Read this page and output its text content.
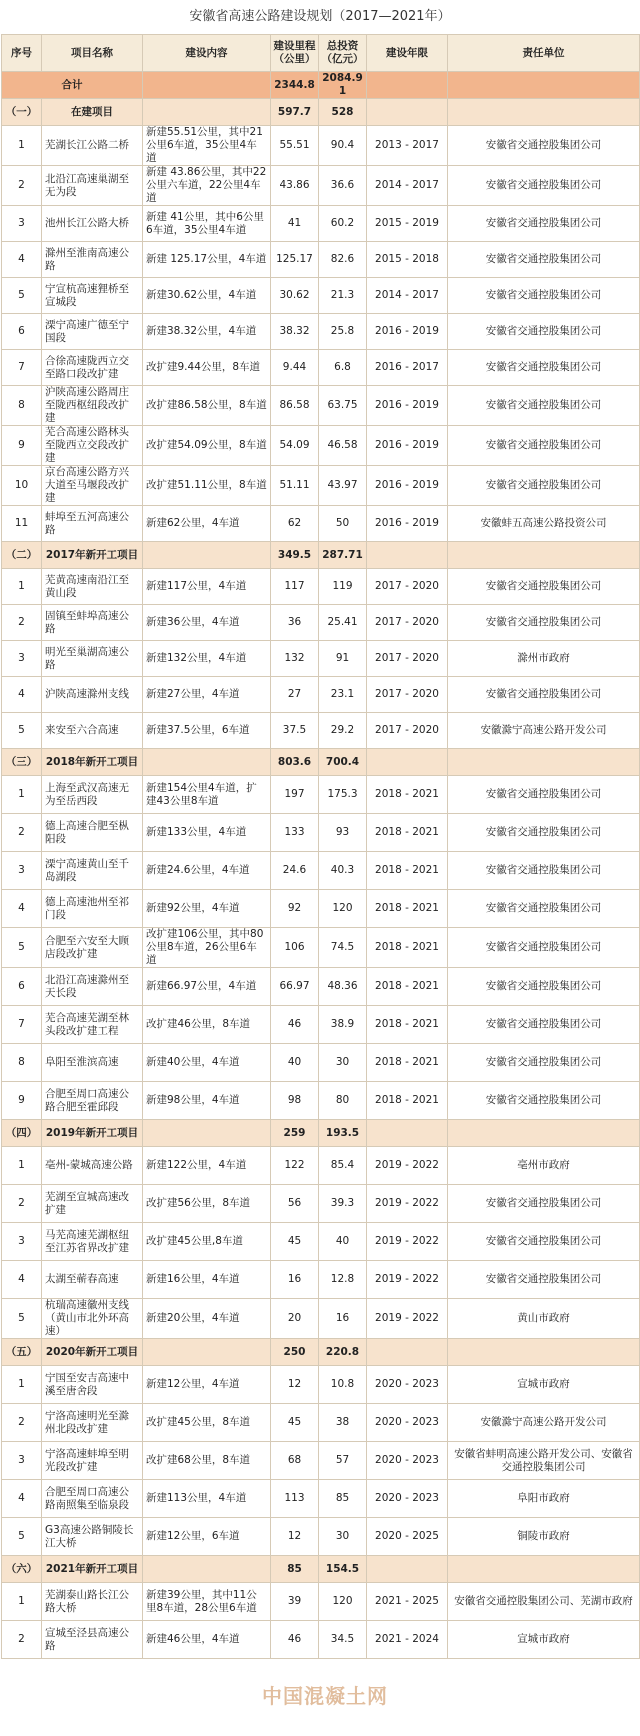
安徽省高速公路建设规划（2017—2021年）
序号	项目名称	建设内容	建设里程（公里）	总投资（亿元）	建设年限	责任单位
合计			2344.8	2084.91		
（一）	在建项目		597.7	528		
1	芜湖长江公路二桥	新建55.51公里，其中21公里6车道，35公里4车道	55.51	90.4	2013 - 2017	安徽省交通控股集团公司
2	北沿江高速巢湖至无为段	新建 43.86公里，其中22公里六车道，22公里4车道	43.86	36.6	2014 - 2017	安徽省交通控股集团公司
3	池州长江公路大桥	新建 41公里，其中6公里6车道，35公里4车道	41	60.2	2015 - 2019	安徽省交通控股集团公司
4	滁州至淮南高速公路	新建 125.17公里，4车道	125.17	82.6	2015 - 2018	安徽省交通控股集团公司
5	宁宣杭高速狸桥至宣城段	新建30.62公里，4车道	30.62	21.3	2014 - 2017	安徽省交通控股集团公司
6	溧宁高速广德至宁国段	新建38.32公里，4车道	38.32	25.8	2016 - 2019	安徽省交通控股集团公司
7	合徐高速陇西立交至路口段改扩建	改扩建9.44公里，8车道	9.44	6.8	2016 - 2017	安徽省交通控股集团公司
8	沪陕高速公路周庄至陇西枢纽段改扩建	改扩建86.58公里，8车道	86.58	63.75	2016 - 2019	安徽省交通控股集团公司
9	芜合高速公路林头至陇西立交段改扩建	改扩建54.09公里，8车道	54.09	46.58	2016 - 2019	安徽省交通控股集团公司
10	京台高速公路方兴大道至马堰段改扩建	改扩建51.11公里，8车道	51.11	43.97	2016 - 2019	安徽省交通控股集团公司
11	蚌埠至五河高速公路	新建62公里，4车道	62	50	2016 - 2019	安徽蚌五高速公路投资公司
（二）	2017年新开工项目		349.5	287.71		
1	芜黄高速南沿江至黄山段	新建117公里，4车道	117	119	2017 - 2020	安徽省交通控股集团公司
2	固镇至蚌埠高速公路	新建36公里，4车道	36	25.41	2017 - 2020	安徽省交通控股集团公司
3	明光至巢湖高速公路	新建132公里，4车道	132	91	2017 - 2020	滁州市政府
4	沪陕高速滁州支线	新建27公里，4车道	27	23.1	2017 - 2020	安徽省交通控股集团公司
5	来安至六合高速	新建37.5公里，6车道	37.5	29.2	2017 - 2020	安徽滁宁高速公路开发公司
（三）	2018年新开工项目		803.6	700.4		
1	上海至武汉高速无为至岳西段	新建154公里4车道，扩建43公里8车道	197	175.3	2018 - 2021	安徽省交通控股集团公司
2	德上高速合肥至枞阳段	新建133公里，4车道	133	93	2018 - 2021	安徽省交通控股集团公司
3	溧宁高速黄山至千岛湖段	新建24.6公里，4车道	24.6	40.3	2018 - 2021	安徽省交通控股集团公司
4	德上高速池州至祁门段	新建92公里，4车道	92	120	2018 - 2021	安徽省交通控股集团公司
5	合肥至六安至大顾店段改扩建	改扩建106公里，其中80公里8车道，26公里6车道	106	74.5	2018 - 2021	安徽省交通控股集团公司
6	北沿江高速滁州至天长段	新建66.97公里，4车道	66.97	48.36	2018 - 2021	安徽省交通控股集团公司
7	芜合高速芜湖至林头段改扩建工程	改扩建46公里，8车道	46	38.9	2018 - 2021	安徽省交通控股集团公司
8	阜阳至淮滨高速	新建40公里，4车道	40	30	2018 - 2021	安徽省交通控股集团公司
9	合肥至周口高速公路合肥至霍邱段	新建98公里，4车道	98	80	2018 - 2021	安徽省交通控股集团公司
（四）	2019年新开工项目		259	193.5		
1	亳州-蒙城高速公路	新建122公里，4车道	122	85.4	2019 - 2022	亳州市政府
2	芜湖至宣城高速改扩建	改扩建56公里，8车道	56	39.3	2019 - 2022	安徽省交通控股集团公司
3	马芜高速芜湖枢纽至江苏省界改扩建	改扩建45公里,8车道	45	40	2019 - 2022	安徽省交通控股集团公司
4	太湖至蕲春高速	新建16公里，4车道	16	12.8	2019 - 2022	安徽省交通控股集团公司
5	杭瑞高速徽州支线（黄山市北外环高速）	新建20公里，4车道	20	16	2019 - 2022	黄山市政府
（五）	2020年新开工项目		250	220.8		
1	宁国至安吉高速中溪至唐舍段	新建12公里，4车道	12	10.8	2020 - 2023	宣城市政府
2	宁洛高速明光至滁州北段改扩建	改扩建45公里，8车道	45	38	2020 - 2023	安徽滁宁高速公路开发公司
3	宁洛高速蚌埠至明光段改扩建	改扩建68公里，8车道	68	57	2020 - 2023	安徽省蚌明高速公路开发公司、安徽省交通控股集团公司
4	合肥至周口高速公路南照集至临泉段	新建113公里，4车道	113	85	2020 - 2023	阜阳市政府
5	G3高速公路铜陵长江大桥	新建12公里，6车道	12	30	2020 - 2025	铜陵市政府
（六）	2021年新开工项目		85	154.5		
1	芜湖泰山路长江公路大桥	新建39公里，其中11公里8车道，28公里6车道	39	120	2021 - 2025	安徽省交通控股集团公司、芜湖市政府
2	宣城至泾县高速公路	新建46公里，4车道	46	34.5	2021 - 2024	宣城市政府
中国混凝土网
